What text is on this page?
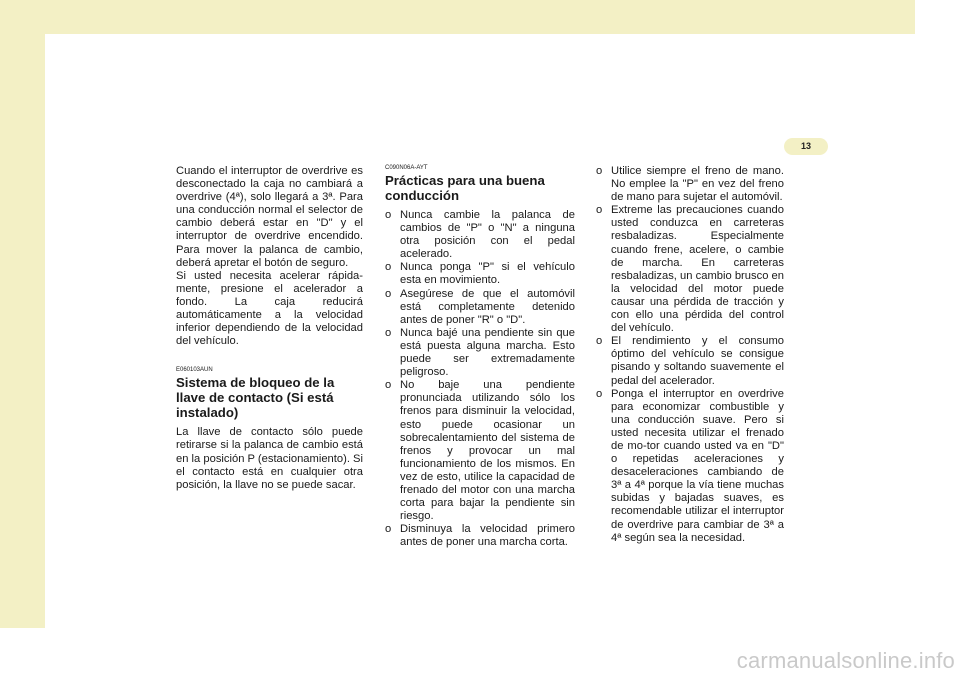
CONDUCIENDO SU HYUNDAI 2
13

Cuando el interruptor de overdrive es desconectado la caja no cambiará a overdrive (4ª), solo llegará a 3ª. Para una conducción normal el selector de cambio deberá estar en "D" y el interruptor de overdrive encendido. Para mover la palanca de cambio, deberá apretar el botón de seguro.

Si usted necesita acelerar rápida-mente, presione el acelerador a fondo. La caja reducirá automáticamente a la velocidad inferior dependiendo de la velocidad del vehículo.

E060103AUN

Sistema de bloqueo de la llave de contacto (Si está instalado)

La llave de contacto sólo puede retirarse si la palanca de cambio está en la posición P (estacionamiento). Si el contacto está en cualquier otra posición, la llave no se puede sacar.

C090N06A-AYT

Prácticas para una buena conducción

o Nunca cambie la palanca de cambios de "P" o "N" a ninguna otra posición con el pedal acelerado.
o Nunca ponga "P" si el vehículo esta en movimiento.
o Asegúrese de que el automóvil está completamente detenido antes de poner "R" o "D".
o Nunca bajé una pendiente sin que está puesta alguna marcha. Esto puede ser extremadamente peligroso.
o No baje una pendiente pronunciada utilizando sólo los frenos para disminuir la velocidad, esto puede ocasionar un sobrecalentamiento del sistema de frenos y provocar un mal funcionamiento de los mismos. En vez de esto, utilice la capacidad de frenado del motor con una marcha corta para bajar la pendiente sin riesgo.
o Disminuya la velocidad primero antes de poner una marcha corta.
o Utilice siempre el freno de mano. No emplee la "P" en vez del freno de mano para sujetar el automóvil.
o Extreme las precauciones cuando usted conduzca en carreteras resbaladizas. Especialmente cuando frene, acelere, o cambie de marcha. En carreteras resbaladizas, un cambio brusco en la velocidad del motor puede causar una pérdida de tracción y con ello una pérdida del control del vehículo.
o El rendimiento y el consumo óptimo del vehículo se consigue pisando y soltando suavemente el pedal del acelerador.
o Ponga el interruptor en overdrive para economizar combustible y una conducción suave. Pero si usted necesita utilizar el frenado de mo-tor cuando usted va en "D" o repetidas aceleraciones y desaceleraciones cambiando de 3ª a 4ª porque la vía tiene muchas subidas y bajadas suaves, es recomendable utilizar el interruptor de overdrive para cambiar de 3ª a 4ª según sea la necesidad.
carmanualsonline.info
